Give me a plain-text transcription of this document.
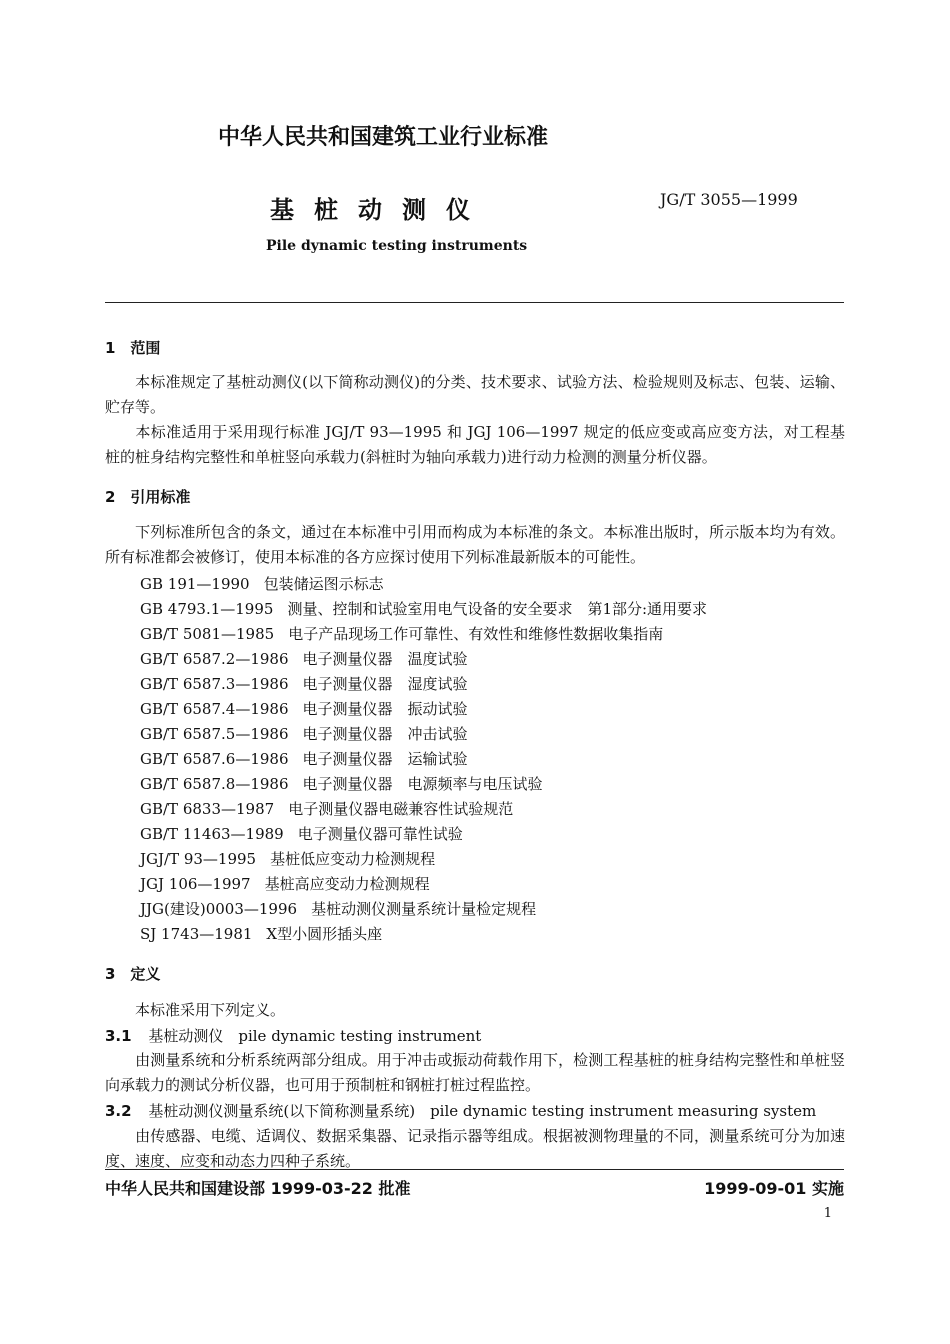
中华人民共和国建筑工业行业标准
基桩动测仪	JG/T 3055—1999
Pile dynamic testing instruments
1　范围
本标准规定了基桩动测仪(以下简称动测仪)的分类、技术要求、试验方法、检验规则及标志、包装、运输、贮存等。
本标准适用于采用现行标准 JGJ/T 93—1995 和 JGJ 106—1997 规定的低应变或高应变方法，对工程基桩的桩身结构完整性和单桩竖向承载力(斜桩时为轴向承载力)进行动力检测的测量分析仪器。
2　引用标准
下列标准所包含的条文，通过在本标准中引用而构成为本标准的条文。本标准出版时，所示版本均为有效。所有标准都会被修订，使用本标准的各方应探讨使用下列标准最新版本的可能性。
GB 191—1990 包装储运图示标志
GB 4793.1—1995 测量、控制和试验室用电气设备的安全要求　第1部分:通用要求
GB/T 5081—1985 电子产品现场工作可靠性、有效性和维修性数据收集指南
GB/T 6587.2—1986 电子测量仪器　温度试验
GB/T 6587.3—1986 电子测量仪器　湿度试验
GB/T 6587.4—1986 电子测量仪器　振动试验
GB/T 6587.5—1986 电子测量仪器　冲击试验
GB/T 6587.6—1986 电子测量仪器　运输试验
GB/T 6587.8—1986 电子测量仪器　电源频率与电压试验
GB/T 6833—1987 电子测量仪器电磁兼容性试验规范
GB/T 11463—1989 电子测量仪器可靠性试验
JGJ/T 93—1995 基桩低应变动力检测规程
JGJ 106—1997 基桩高应变动力检测规程
JJG(建设)0003—1996 基桩动测仪测量系统计量检定规程
SJ 1743—1981 X型小圆形插头座
3　定义
本标准采用下列定义。
3.1 基桩动测仪　pile dynamic testing instrument
由测量系统和分析系统两部分组成。用于冲击或振动荷载作用下，检测工程基桩的桩身结构完整性和单桩竖向承载力的测试分析仪器，也可用于预制桩和钢桩打桩过程监控。
3.2 基桩动测仪测量系统(以下简称测量系统)　pile dynamic testing instrument measuring system
由传感器、电缆、适调仪、数据采集器、记录指示器等组成。根据被测物理量的不同，测量系统可分为加速度、速度、应变和动态力四种子系统。
中华人民共和国建设部 1999-03-22 批准	1999-09-01 实施
1
